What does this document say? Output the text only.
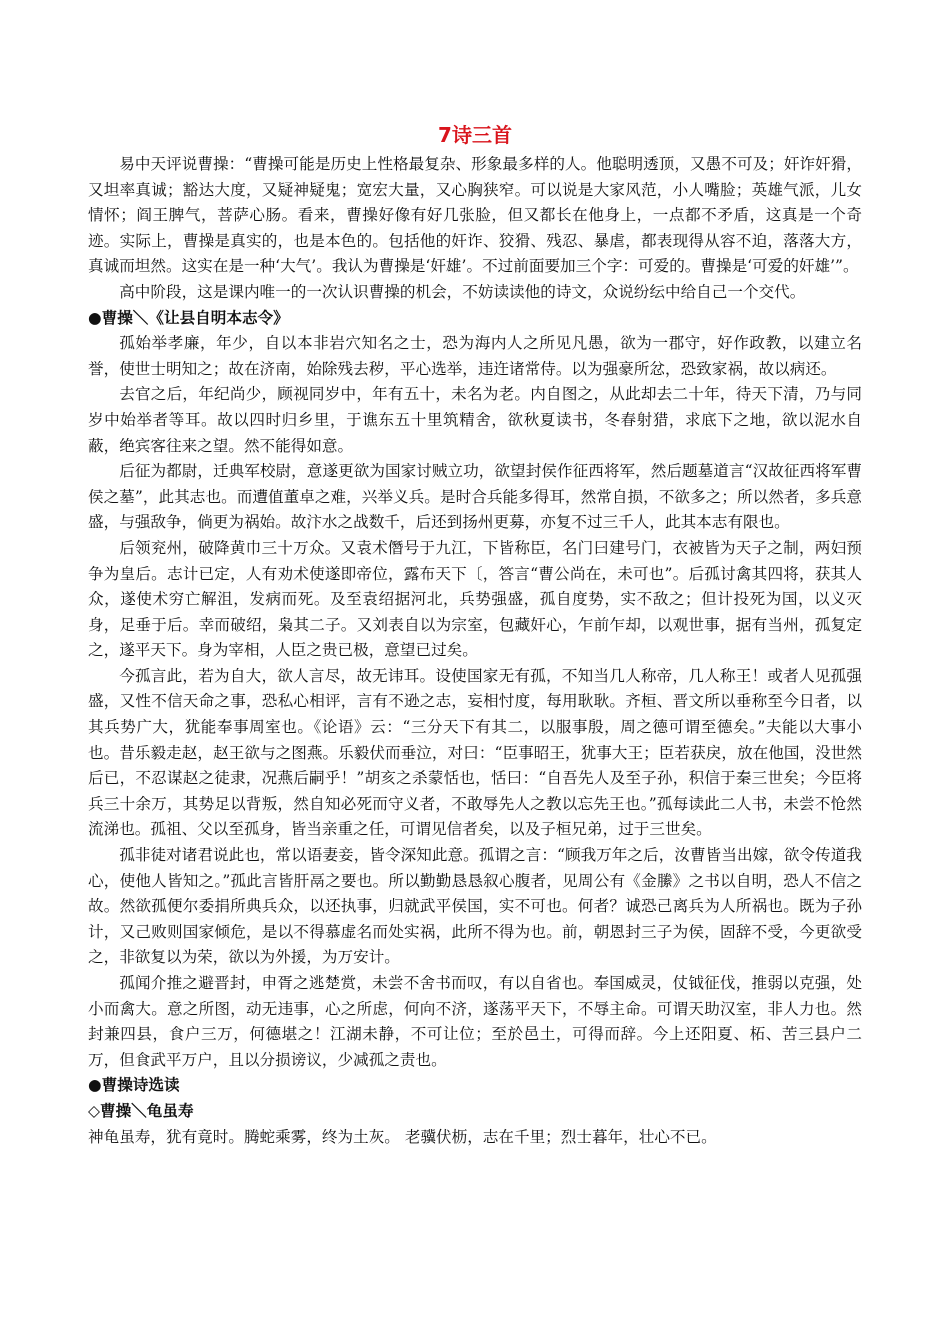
7诗三首

易中天评说曹操：“曹操可能是历史上性格最复杂、形象最多样的人。他聪明透顶，又愚不可及；奸诈奸猾，又坦率真诚；豁达大度，又疑神疑鬼；宽宏大量，又心胸狭窄。可以说是大家风范，小人嘴脸；英雄气派，儿女情怀；阎王脾气，菩萨心肠。看来，曹操好像有好几张脸，但又都长在他身上，一点都不矛盾，这真是一个奇迹。实际上，曹操是真实的，也是本色的。包括他的奸诈、狡猾、残忍、暴虐，都表现得从容不迫，落落大方，真诚而坦然。这实在是一种‘大气’。我认为曹操是‘奸雄’。不过前面要加三个字：可爱的。曹操是‘可爱的奸雄’”。

高中阶段，这是课内唯一的一次认识曹操的机会，不妨读读他的诗文，众说纷纭中给自己一个交代。

●曹操＼《让县自明本志令》

孤始举孝廉，年少，自以本非岩穴知名之士，恐为海内人之所见凡愚，欲为一郡守，好作政教，以建立名誉，使世士明知之；故在济南，始除残去秽，平心选举，违迕诸常侍。以为强豪所忿，恐致家祸，故以病还。

去官之后，年纪尚少，顾视同岁中，年有五十，未名为老。内自图之，从此却去二十年，待天下清，乃与同岁中始举者等耳。故以四时归乡里，于谯东五十里筑精舍，欲秋夏读书，冬春射猎，求底下之地，欲以泥水自蔽，绝宾客往来之望。然不能得如意。

后征为都尉，迁典军校尉，意遂更欲为国家讨贼立功，欲望封侯作征西将军，然后题墓道言“汉故征西将军曹侯之墓”，此其志也。而遭值董卓之难，兴举义兵。是时合兵能多得耳，然常自损，不欲多之；所以然者，多兵意盛，与强敌争，倘更为祸始。故汴水之战数千，后还到扬州更募，亦复不过三千人，此其本志有限也。

后领兖州，破降黄巾三十万众。又袁术僭号于九江，下皆称臣，名门曰建号门，衣被皆为天子之制，两妇预争为皇后。志计已定，人有劝术使遂即帝位，露布天下〔，答言“曹公尚在，未可也”。后孤讨禽其四将，获其人众，遂使术穷亡解沮，发病而死。及至袁绍据河北，兵势强盛，孤自度势，实不敌之；但计投死为国，以义灭身，足垂于后。幸而破绍，枭其二子。又刘表自以为宗室，包藏奸心，乍前乍却，以观世事，据有当州，孤复定之，遂平天下。身为宰相，人臣之贵已极，意望已过矣。

今孤言此，若为自大，欲人言尽，故无讳耳。设使国家无有孤，不知当几人称帝，几人称王！或者人见孤强盛，又性不信天命之事，恐私心相评，言有不逊之志，妄相忖度，每用耿耿。齐桓、晋文所以垂称至今日者，以其兵势广大，犹能奉事周室也。《论语》云：“三分天下有其二，以服事殷，周之德可谓至德矣。”夫能以大事小也。昔乐毅走赵，赵王欲与之图燕。乐毅伏而垂泣，对曰：“臣事昭王，犹事大王；臣若获戾，放在他国，没世然后已，不忍谋赵之徒隶，况燕后嗣乎！”胡亥之杀蒙恬也，恬曰：“自吾先人及至子孙，积信于秦三世矣；今臣将兵三十余万，其势足以背叛，然自知必死而守义者，不敢辱先人之教以忘先王也。”孤每读此二人书，未尝不怆然流涕也。孤祖、父以至孤身，皆当亲重之任，可谓见信者矣，以及子桓兄弟，过于三世矣。

孤非徒对诸君说此也，常以语妻妾，皆令深知此意。孤谓之言：“顾我万年之后，汝曹皆当出嫁，欲令传道我心，使他人皆知之。”孤此言皆肝鬲之要也。所以勤勤恳恳叙心腹者，见周公有《金縢》之书以自明，恐人不信之故。然欲孤便尔委捐所典兵众，以还执事，归就武平侯国，实不可也。何者？诚恐己离兵为人所祸也。既为子孙计，又己败则国家倾危，是以不得慕虚名而处实祸，此所不得为也。前，朝恩封三子为侯，固辞不受，今更欲受之，非欲复以为荣，欲以为外援，为万安计。

孤闻介推之避晋封，申胥之逃楚赏，未尝不舍书而叹，有以自省也。奉国威灵，仗钺征伐，推弱以克强，处小而禽大。意之所图，动无违事，心之所虑，何向不济，遂荡平天下，不辱主命。可谓天助汉室，非人力也。然封兼四县，食户三万，何德堪之！江湖未静，不可让位；至於邑土，可得而辞。今上还阳夏、柘、苦三县户二万，但食武平万户，且以分损谤议，少减孤之责也。

●曹操诗选读
◇曹操＼龟虽寿

神龟虽寿，犹有竟时。腾蛇乘雾，终为土灰。 老骥伏枥，志在千里；烈士暮年，壮心不已。
